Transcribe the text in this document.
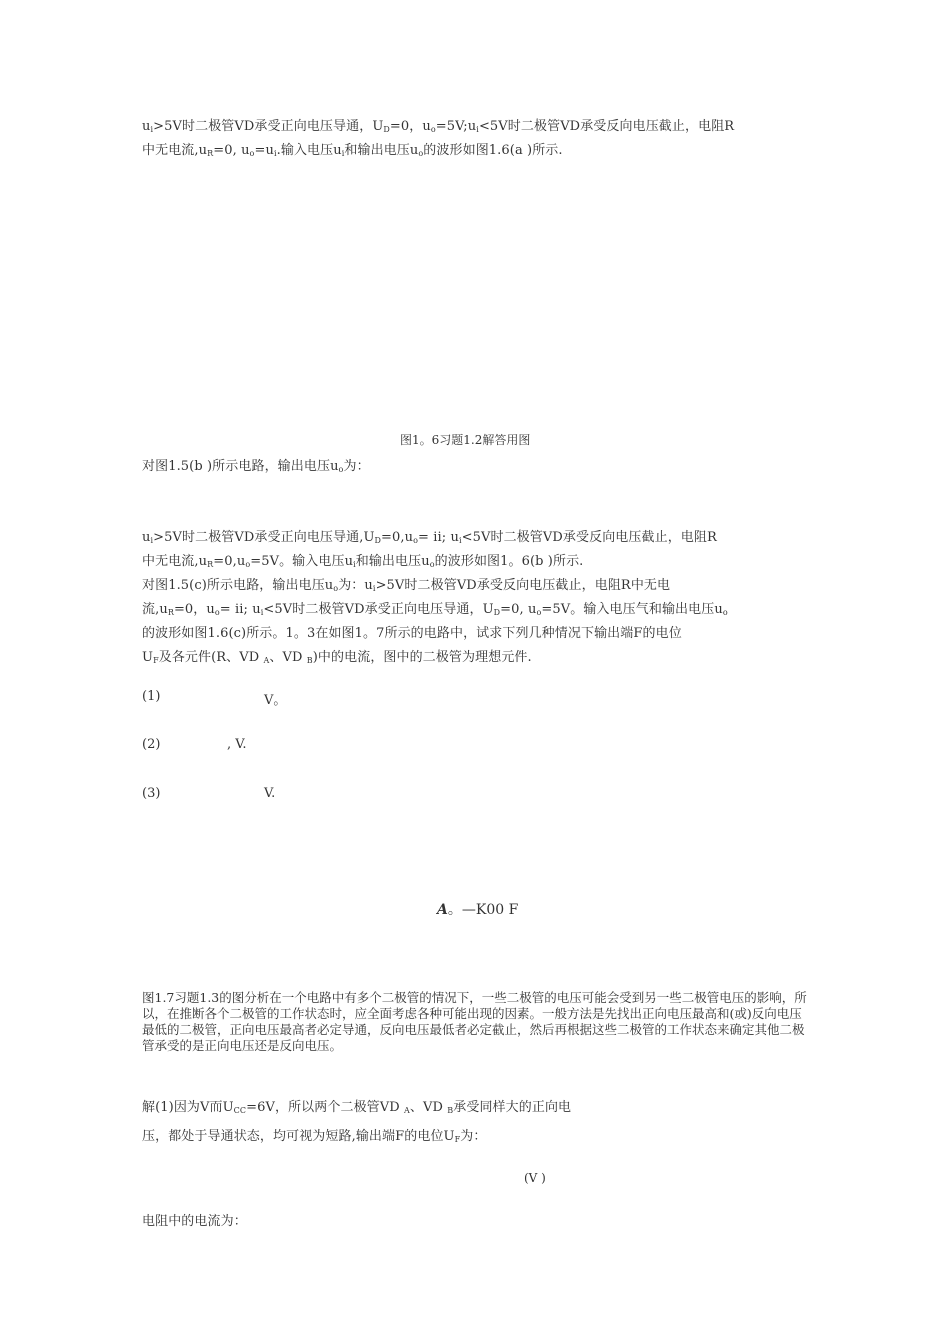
$u_i>5V$时二极管VD承受正向电压导通，$U_D=0$，$u_o=5V;u_i<5V$时二极管VD承受反向电压截止，电阻R
中无电流$,u_R=0$, $u_o=u_i$.输入电压$u_i$和输出电压$u_o$的波形如图1.6(a )所示.
图1。6习题1.2解答用图
对图1.5(b )所示电路，输出电压$u_o$为：
$u_i>5V$时二极管VD承受正向电压导通$,U_D=0,u_o=$ ii; $u_i<5V$时二极管VD承受反向电压截止，电阻R
中无电流$,u_R=0,u_o=5V$。输入电压$u_i$和输出电压$u_o$的波形如图1。6(b )所示.
对图1.5(c)所示电路，输出电压$u_o$为：$u_i>5V$时二极管VD承受反向电压截止，电阻R中无电
流$,u_R=0$，$u_o=$ ii; $u_i<5V$时二极管VD承受正向电压导通，$U_D=0$, $u_o=5V$。输入电压气和输出电压$u_o$
的波形如图1.6(c)所示。1。3在如图1。7所示的电路中，试求下列几种情况下输出端F的电位
$U_F$及各元件(R、VD $_A$、VD $_B$)中的电流，图中的二极管为理想元件.
(1)	V。
(2)	, V.
(3)	V.
A。—K00 F
图1.7习题1.3的图分析在一个电路中有多个二极管的情况下，一些二极管的电压可能会受到另一些二极管电压的影响，所以，在推断各个二极管的工作状态时，应全面考虑各种可能出现的因素。一般方法是先找出正向电压最高和(或)反向电压最低的二极管，正向电压最高者必定导通，反向电压最低者必定截止，然后再根据这些二极管的工作状态来确定其他二极管承受的是正向电压还是反向电压。
解(1)因为V而$U_{CC}=6V$，所以两个二极管VD $_A$、VD $_B$承受同样大的正向电
压，都处于导通状态，均可视为短路,输出端F的电位$U_F$为：
(V )
电阻中的电流为：
